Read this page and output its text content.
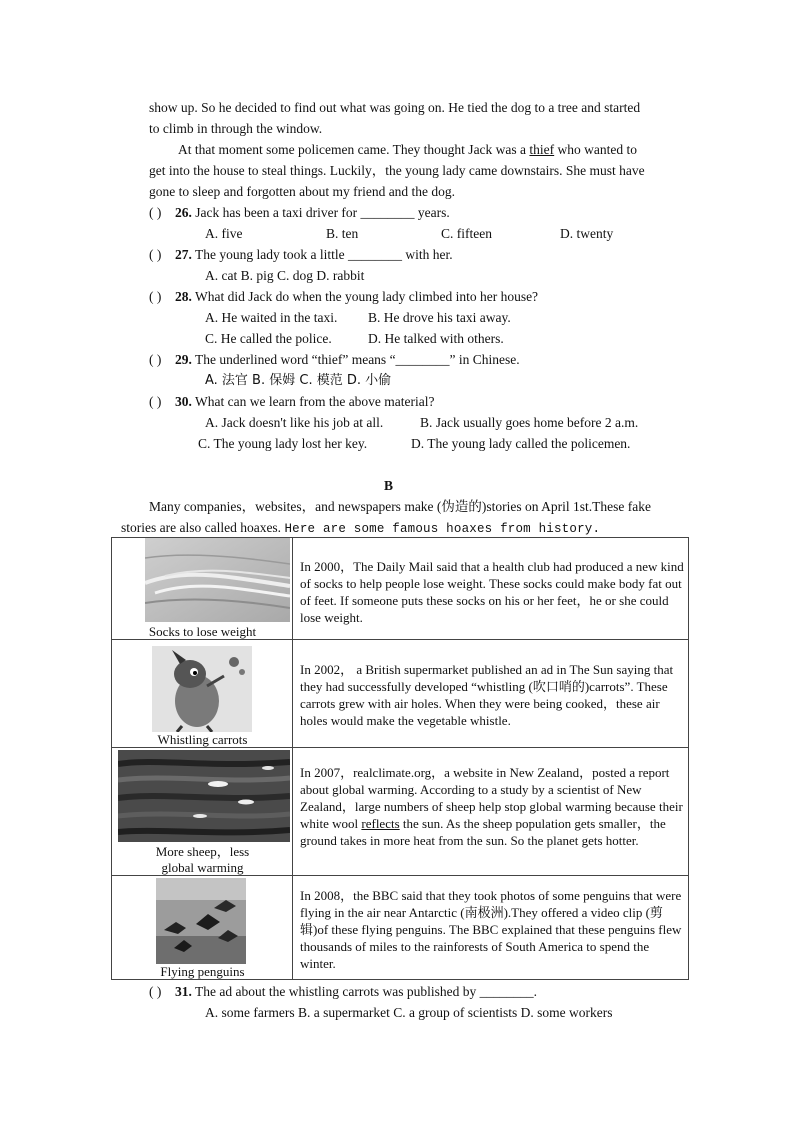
show up. So he decided to find out what was going on. He tied the dog to a tree and started
to climb in through the window.
At that moment some policemen came. They thought Jack was a thief who wanted to
get into the house to steal things. Luckily，the young lady came downstairs. She must have
gone to sleep and forgotten about my friend and the dog.
( ) 26. Jack has been a taxi driver for ________ years.
A. five	B. ten	C. fifteen	D. twenty
( ) 27. The young lady took a little ________ with her.
A. cat B. pig C. dog D. rabbit
( ) 28. What did Jack do when the young lady climbed into her house?
A. He waited in the taxi. B. He drove his taxi away.
C. He called the police.	D. He talked with others.
( ) 29. The underlined word “thief” means “________” in Chinese.
A. 法官 B. 保姆 C. 模范 D. 小偷
( ) 30. What can we learn from the above material?
A. Jack doesn't like his job at all.	B. Jack usually goes home before 2 a.m.
C. The young lady lost her key.	D. The young lady called the policemen.
B
Many companies，websites，and newspapers make (伪造的)stories on April 1st.These fake
stories are also called hoaxes. Here are some famous hoaxes from history.
Socks to lose weight
In 2000，The Daily Mail said that a health club had produced a new kind of socks to help people lose weight. These socks could make body fat out of feet. If someone puts these socks on his or her feet，he or she could lose weight.
Whistling carrots
In 2002， a British supermarket published an ad in The Sun saying that they had successfully developed “whistling (吹口哨的)carrots”. These carrots grew with air holes. When they were being cooked，these air holes would make the vegetable whistle.
More sheep，less
global warming
In 2007，realclimate.org，a website in New Zealand，posted a report about global warming. According to a study by a scientist of New Zealand，large numbers of sheep help stop global warming because their white wool reflects the sun. As the sheep population gets smaller，the ground takes in more heat from the sun. So the planet gets hotter.
Flying penguins
In 2008，the BBC said that they took photos of some penguins that were flying in the air near Antarctic (南极洲).They offered a video clip (剪辑)of these flying penguins. The BBC explained that these penguins flew thousands of miles to the rainforests of South America to spend the winter.
( ) 31. The ad about the whistling carrots was published by ________.
A. some farmers B. a supermarket C. a group of scientists D. some workers
